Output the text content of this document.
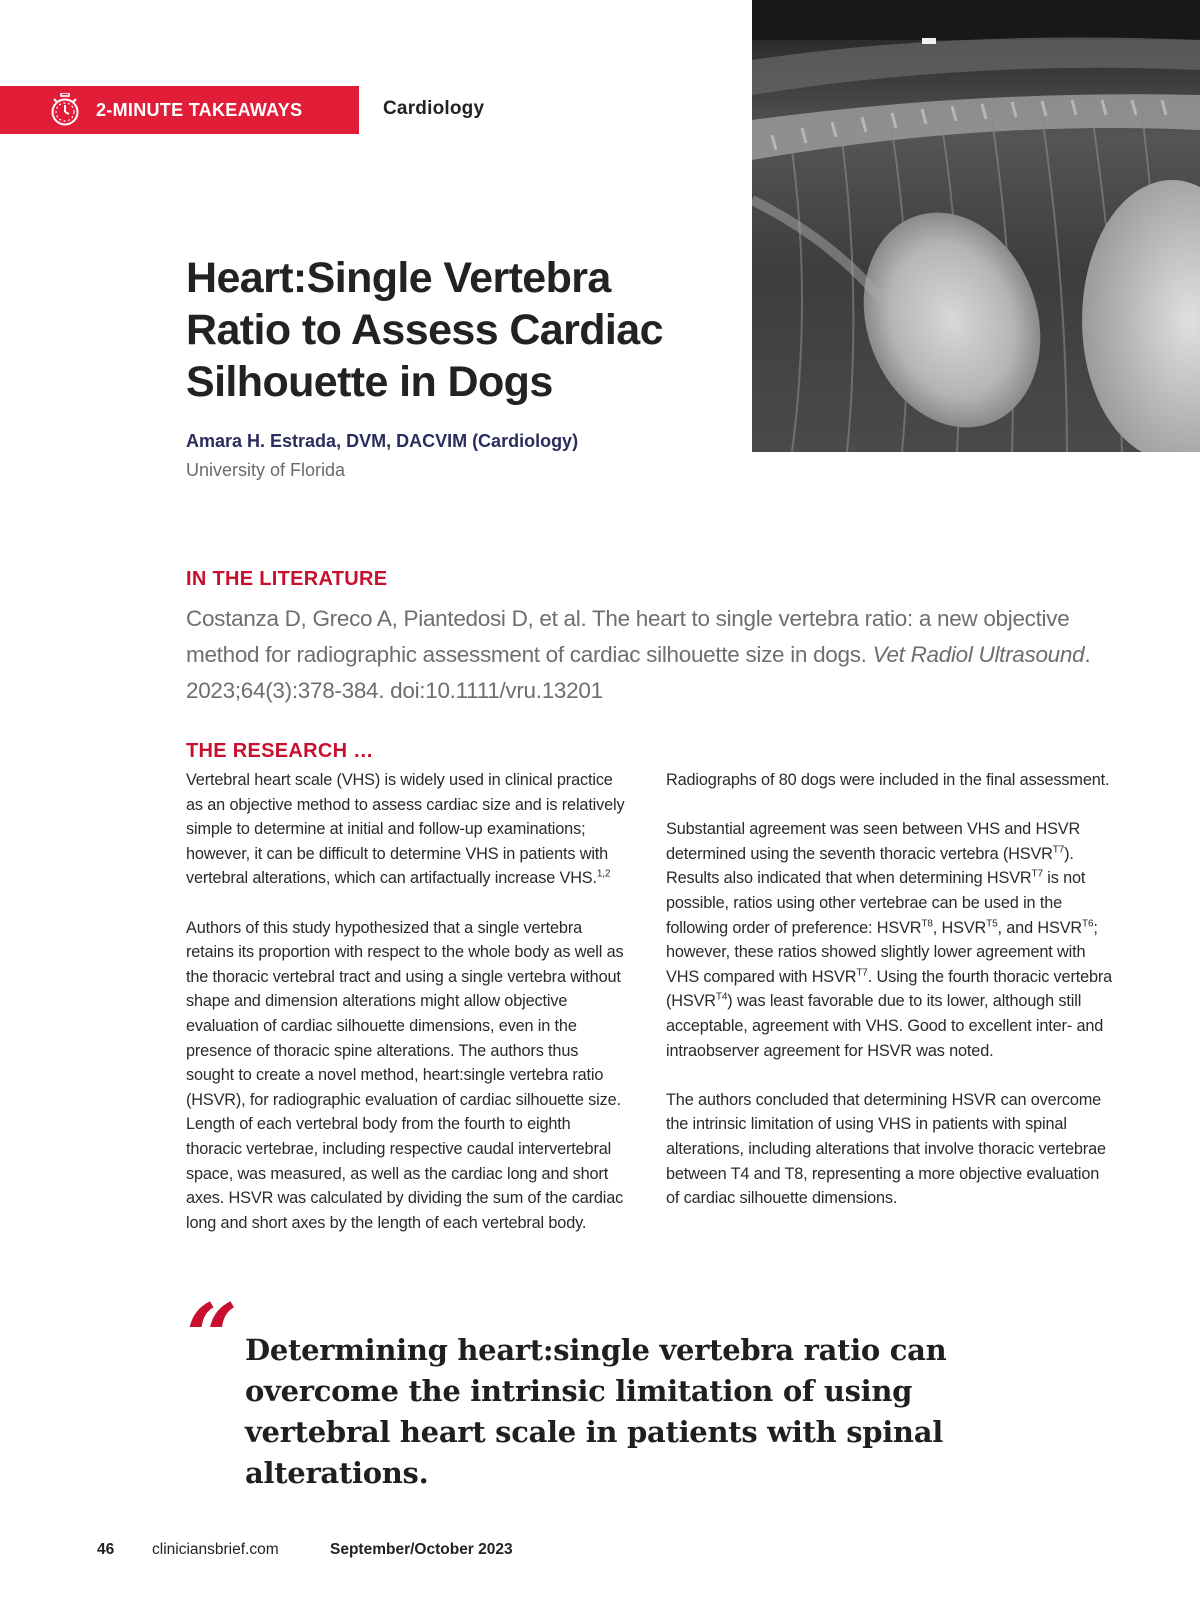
2-MINUTE TAKEAWAYS	Cardiology
Heart:Single Vertebra Ratio to Assess Cardiac Silhouette in Dogs
Amara H. Estrada, DVM, DACVIM (Cardiology)
University of Florida
IN THE LITERATURE
Costanza D, Greco A, Piantedosi D, et al. The heart to single vertebra ratio: a new objective method for radiographic assessment of cardiac silhouette size in dogs. Vet Radiol Ultrasound. 2023;64(3):378-384. doi:10.1111/vru.13201
THE RESEARCH …

Vertebral heart scale (VHS) is widely used in clinical practice as an objective method to assess cardiac size and is relatively simple to determine at initial and follow-up examinations; however, it can be difficult to determine VHS in patients with vertebral alterations, which can artifactually increase VHS.$^{1,2}$

Authors of this study hypothesized that a single vertebra retains its proportion with respect to the whole body as well as the thoracic vertebral tract and using a single vertebra without shape and dimension alterations might allow objective evaluation of cardiac silhouette dimensions, even in the presence of thoracic spine alterations. The authors thus sought to create a novel method, heart:single vertebra ratio (HSVR), for radiographic evaluation of cardiac silhouette size. Length of each vertebral body from the fourth to eighth thoracic vertebrae, including respective caudal intervertebral space, was measured, as well as the cardiac long and short axes. HSVR was calculated by dividing the sum of the cardiac long and short axes by the length of each vertebral body.

Radiographs of 80 dogs were included in the final assessment.

Substantial agreement was seen between VHS and HSVR determined using the seventh thoracic vertebra $(HSVR^{T7})$. Results also indicated that when determining $HSVR^{T7}$ is not possible, ratios using other vertebrae can be used in the following order of preference: $HSVR^{T8}$, $HSVR^{T5}$, and $HSVR^{T6}$; however, these ratios showed slightly lower agreement with VHS compared with $HSVR^{T7}$. Using the fourth thoracic vertebra $(HSVR^{T4})$ was least favorable due to its lower, although still acceptable, agreement with VHS. Good to excellent inter- and intraobserver agreement for HSVR was noted.

The authors concluded that determining HSVR can overcome the intrinsic limitation of using VHS in patients with spinal alterations, including alterations that involve thoracic vertebrae between T4 and T8, representing a more objective evaluation of cardiac silhouette dimensions.

“ Determining heart:single vertebra ratio can overcome the intrinsic limitation of using vertebral heart scale in patients with spinal alterations.
46 cliniciansbrief.com	September/October 2023
